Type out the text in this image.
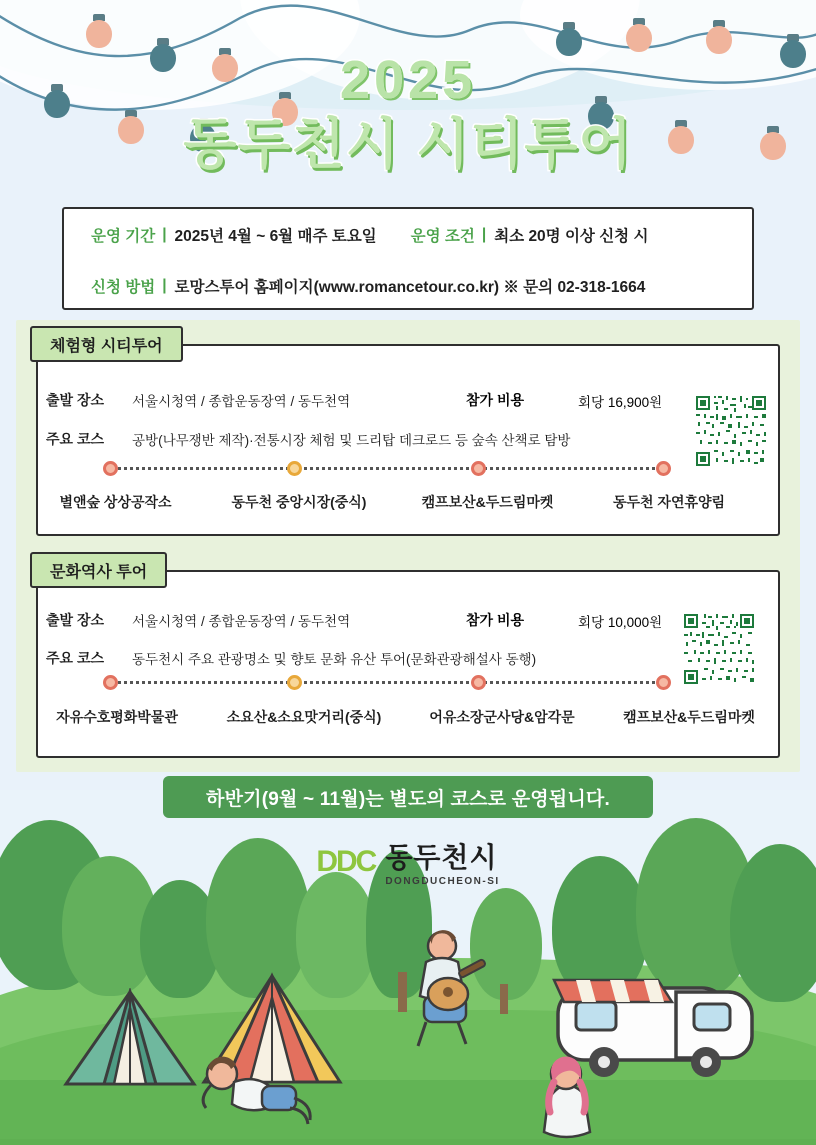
2025
동두천시 시티투어
운영 기간 | 2025년 4월 ~ 6월 매주 토요일 운영 조건 | 최소 20명 이상 신청 시
신청 방법 | 로망스투어 홈페이지(www.romancetour.co.kr) ※ 문의 02-318-1664
체험형 시티투어
출발 장소	서울시청역 / 종합운동장역 / 동두천역	참가 비용	회당 16,900원
주요 코스	공방(나무쟁반 제작)·전통시장 체험 및 드리탑 데크로드 등 숲속 산책로 탐방
별앤숲 상상공작소	동두천 중앙시장(중식)	캠프보산&두드림마켓	동두천 자연휴양림
문화역사 투어
출발 장소	서울시청역 / 종합운동장역 / 동두천역	참가 비용	회당 10,000원
주요 코스	동두천시 주요 관광명소 및 향토 문화 유산 투어(문화관광해설사 동행)
자유수호평화박물관	소요산&소요맛거리(중식)	어유소장군사당&암각문	캠프보산&두드림마켓
하반기(9월 ~ 11월)는 별도의 코스로 운영됩니다.
DDC 동두천시
DONGDUCHEON-SI
